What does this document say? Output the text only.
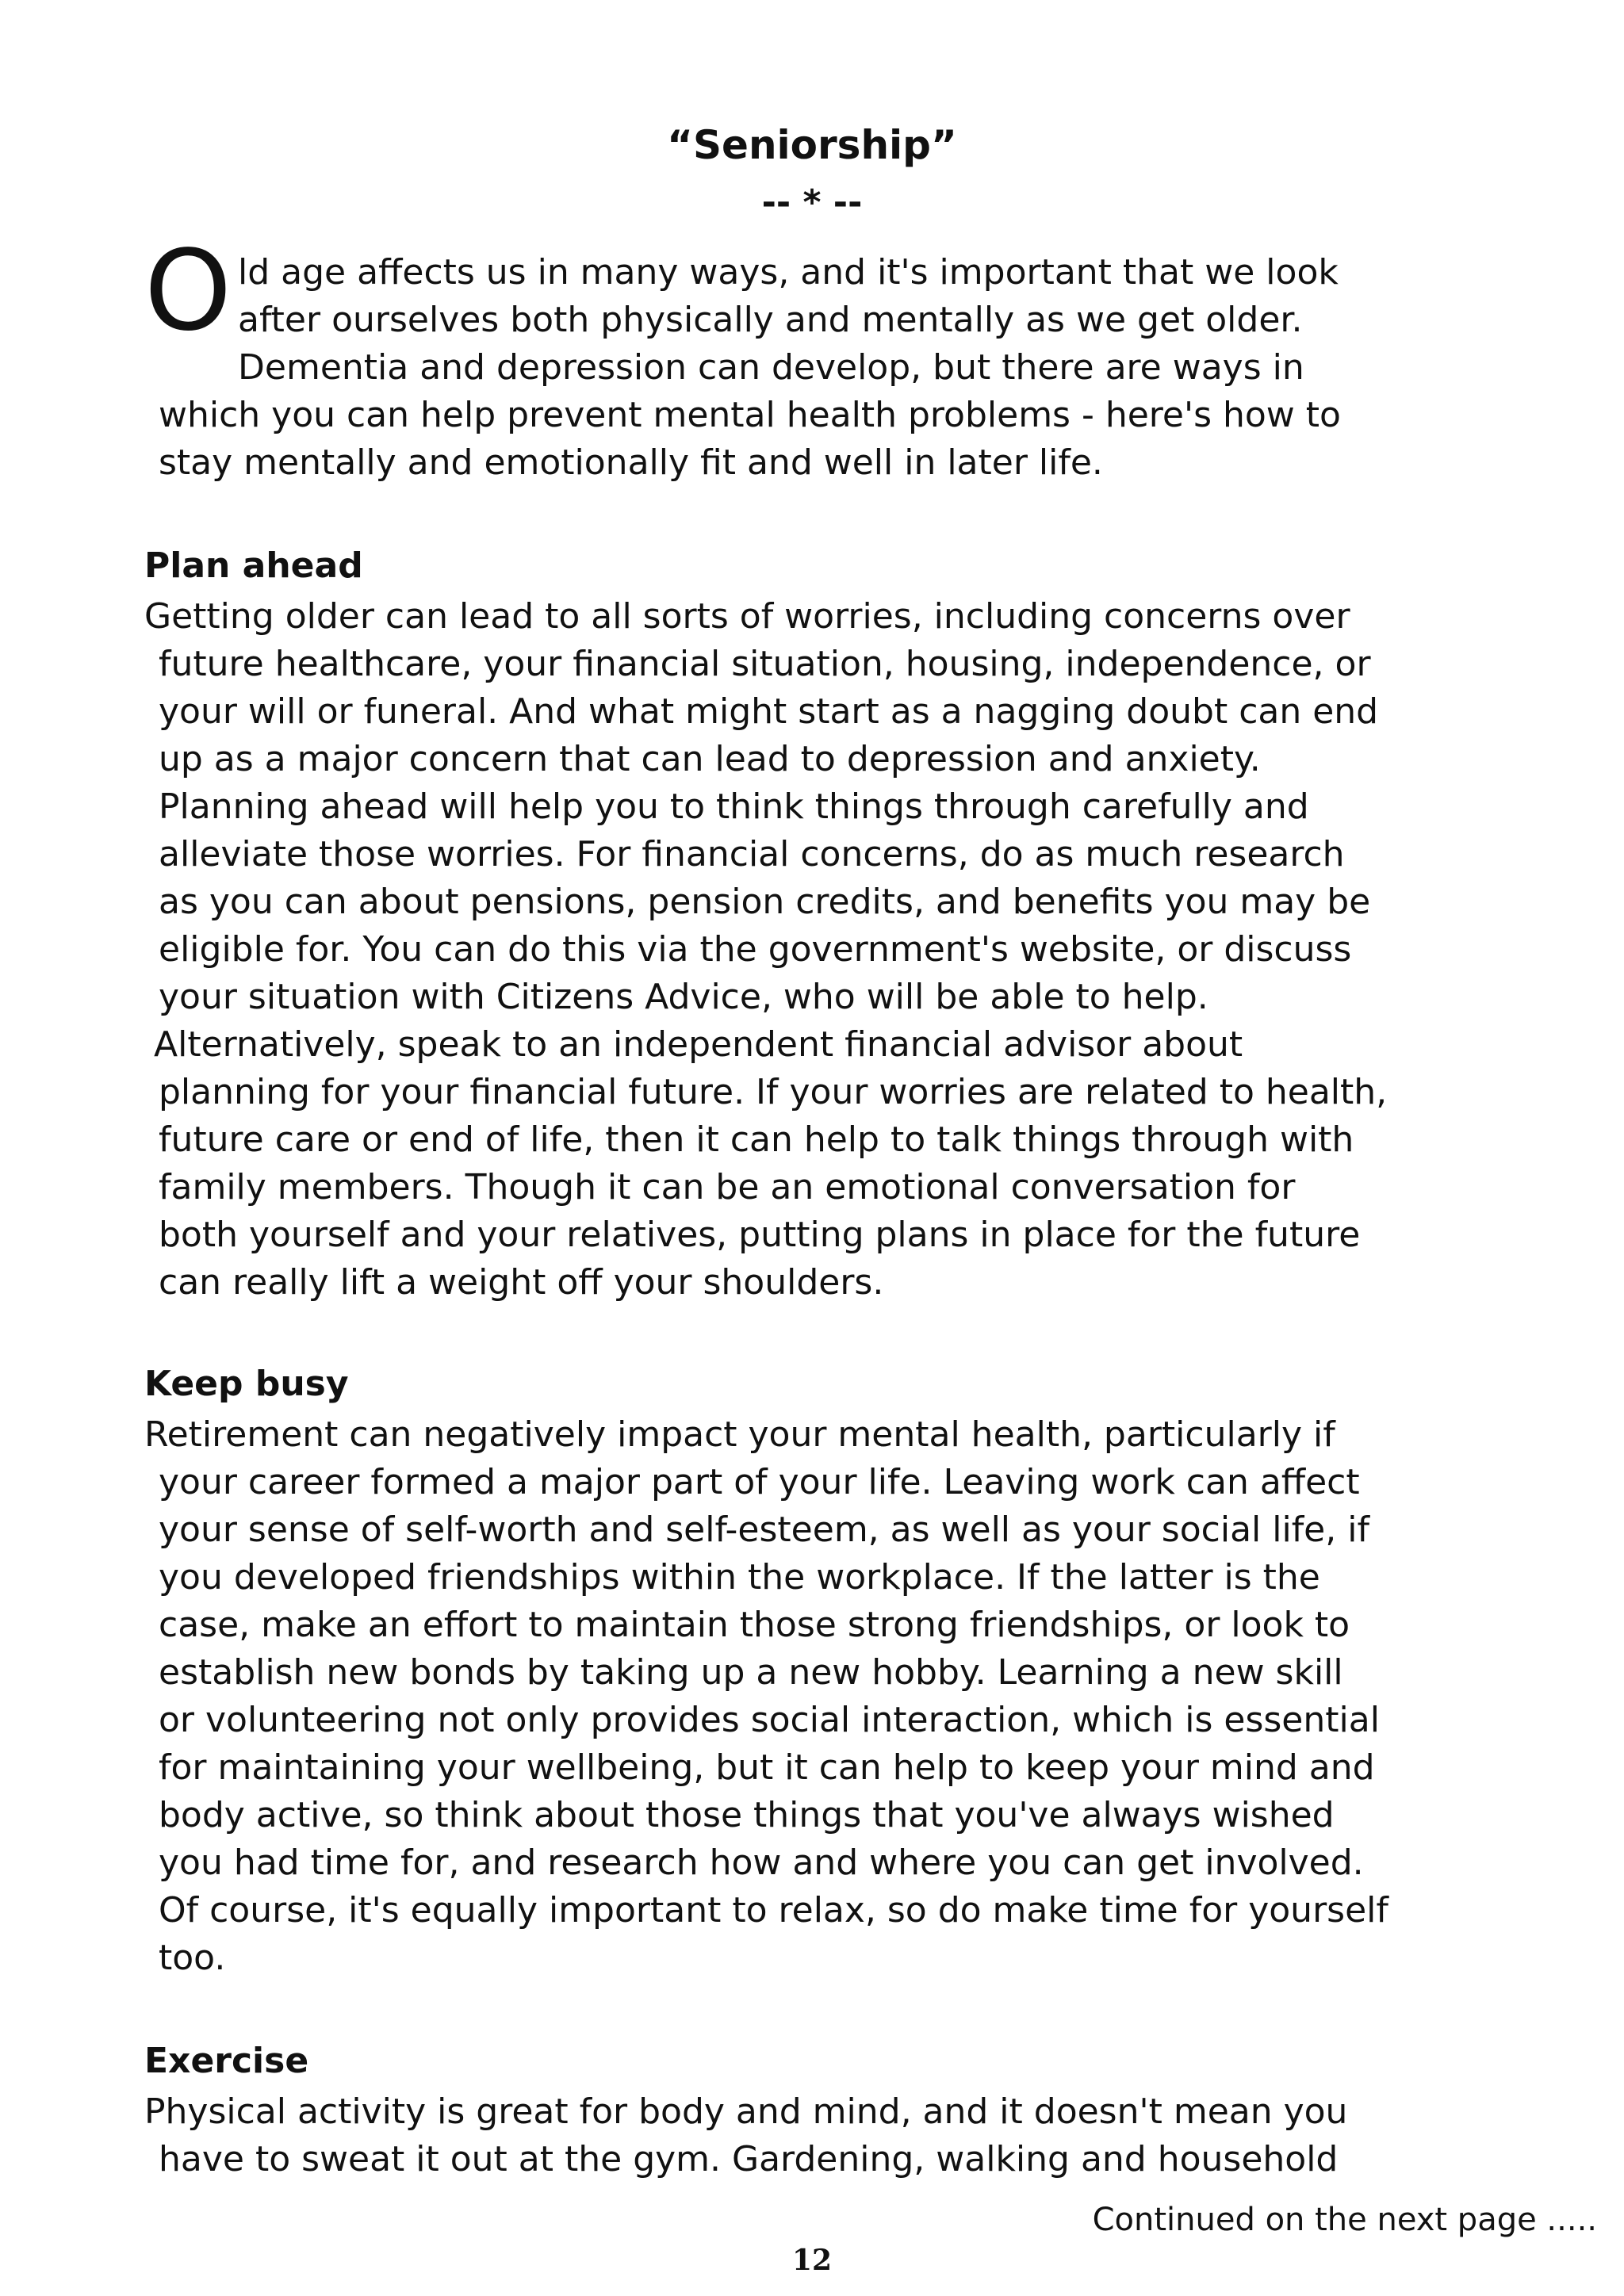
“Seniorship”
-- * --
O ld age affects us in many ways, and it's important that we look
after ourselves both physically and mentally as we get older.
Dementia and depression can develop, but there are ways in
which you can help prevent mental health problems - here's how to
stay mentally and emotionally fit and well in later life.
Plan ahead
Getting older can lead to all sorts of worries, including concerns over
future healthcare, your financial situation, housing, independence, or
your will or funeral. And what might start as a nagging doubt can end
up as a major concern that can lead to depression and anxiety.
Planning ahead will help you to think things through carefully and
alleviate those worries. For financial concerns, do as much research
as you can about pensions, pension credits, and benefits you may be
eligible for. You can do this via the government's website, or discuss
your situation with Citizens Advice, who will be able to help.
Alternatively, speak to an independent financial advisor about
planning for your financial future. If your worries are related to health,
future care or end of life, then it can help to talk things through with
family members. Though it can be an emotional conversation for
both yourself and your relatives, putting plans in place for the future
can really lift a weight off your shoulders.
Keep busy
Retirement can negatively impact your mental health, particularly if
your career formed a major part of your life. Leaving work can affect
your sense of self-worth and self-esteem, as well as your social life, if
you developed friendships within the workplace. If the latter is the
case, make an effort to maintain those strong friendships, or look to
establish new bonds by taking up a new hobby. Learning a new skill
or volunteering not only provides social interaction, which is essential
for maintaining your wellbeing, but it can help to keep your mind and
body active, so think about those things that you've always wished
you had time for, and research how and where you can get involved.
Of course, it's equally important to relax, so do make time for yourself
too.
Exercise
Physical activity is great for body and mind, and it doesn't mean you
have to sweat it out at the gym. Gardening, walking and household
Continued on the next page .....
12
